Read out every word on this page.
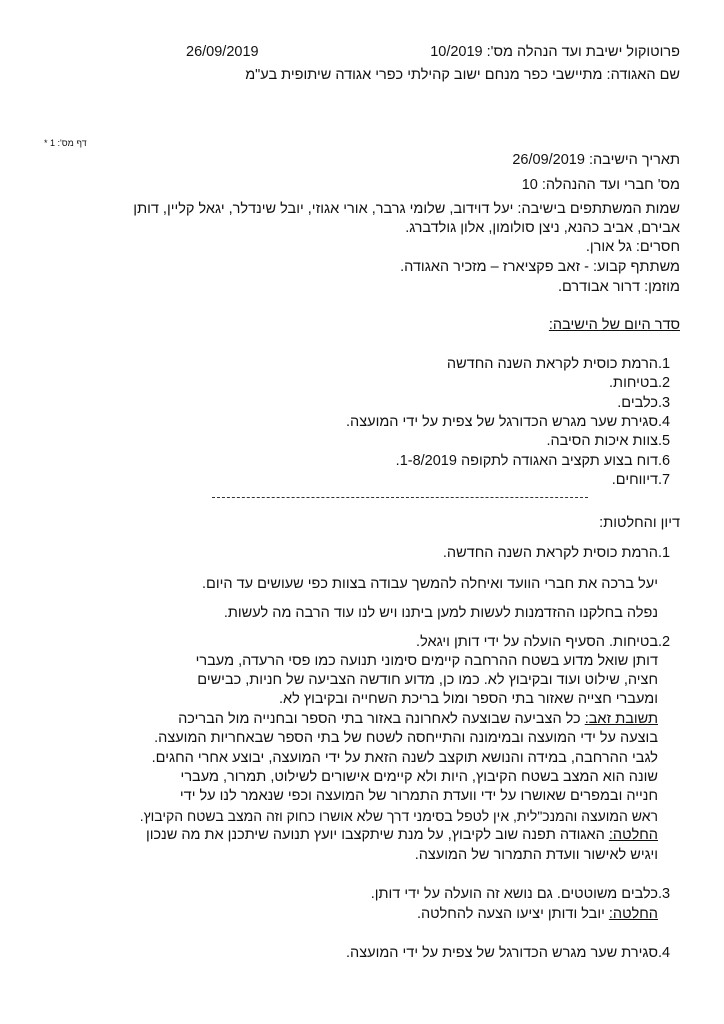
פרוטוקול ישיבת ועד הנהלה מס': 10/2019
26/09/2019
שם האגודה: מתיישבי כפר מנחם ישוב קהילתי כפרי אגודה שיתופית בע"מ
דף מס': 1 *
תאריך הישיבה: 26/09/2019
מס' חברי ועד ההנהלה: 10
שמות המשתתפים בישיבה: יעל דוידוב, שלומי גרבר, אורי אגוזי, יובל שינדלר, יגאל קליין, דותן
אבירם, אביב כהנא, ניצן סולומון, אלון גולדברג.
חסרים: גל אורן.
משתתף קבוע: - זאב פקציארז – מזכיר האגודה.
מוזמן: דרור אבודרם.
סדר היום של הישיבה:
1.הרמת כוסית לקראת השנה החדשה
2.בטיחות.
3.כלבים.
4.סגירת שער מגרש הכדורגל של צפית על ידי המועצה.
5.צוות איכות הסיבה.
6.דוח בצוע תקציב האגודה לתקופה 1-8/2019.
7.דיווחים.
דיון והחלטות:
1.הרמת כוסית לקראת השנה החדשה.
יעל ברכה את חברי הוועד ואיחלה להמשך עבודה בצוות כפי שעושים עד היום.
נפלה בחלקנו ההזדמנות לעשות למען ביתנו ויש לנו עוד הרבה מה לעשות.
2.בטיחות. הסעיף הועלה על ידי דותן ויגאל.
דותן שואל מדוע בשטח ההרחבה קיימים סימוני תנועה כמו פסי הרעדה, מעברי
חציה, שילוט ועוד ובקיבוץ לא. כמו כן, מדוע חודשה הצביעה של חניות, כבישים
ומעברי חצייה שאזור בתי הספר ומול בריכת השחייה ובקיבוץ לא.
תשובת זאב: כל הצביעה שבוצעה לאחרונה באזור בתי הספר ובחנייה מול הבריכה
בוצעה על ידי המועצה ובמימונה והתייחסה לשטח של בתי הספר שבאחריות המועצה.
לגבי ההרחבה, במידה והנושא תוקצב לשנה הזאת על ידי המועצה, יבוצע אחרי החגים.
שונה הוא המצב בשטח הקיבוץ, היות ולא קיימים אישורים לשילוט, תמרור, מעברי
חנייה ובמפרים שאושרו על ידי וועדת התמרור של המועצה וכפי שנאמר לנו על ידי
ראש המועצה והמנכ"לית, אין לטפל בסימני דרך שלא אושרו כחוק וזה המצב בשטח הקיבוץ.
החלטה: האגודה תפנה שוב לקיבוץ, על מנת שיתקצבו יועץ תנועה שיתכנן את מה שנכון
ויגיש לאישור וועדת התמרור של המועצה.
3.כלבים משוטטים. גם נושא זה הועלה על ידי דותן.
החלטה: יובל ודותן יציעו הצעה להחלטה.
4.סגירת שער מגרש הכדורגל של צפית על ידי המועצה.
